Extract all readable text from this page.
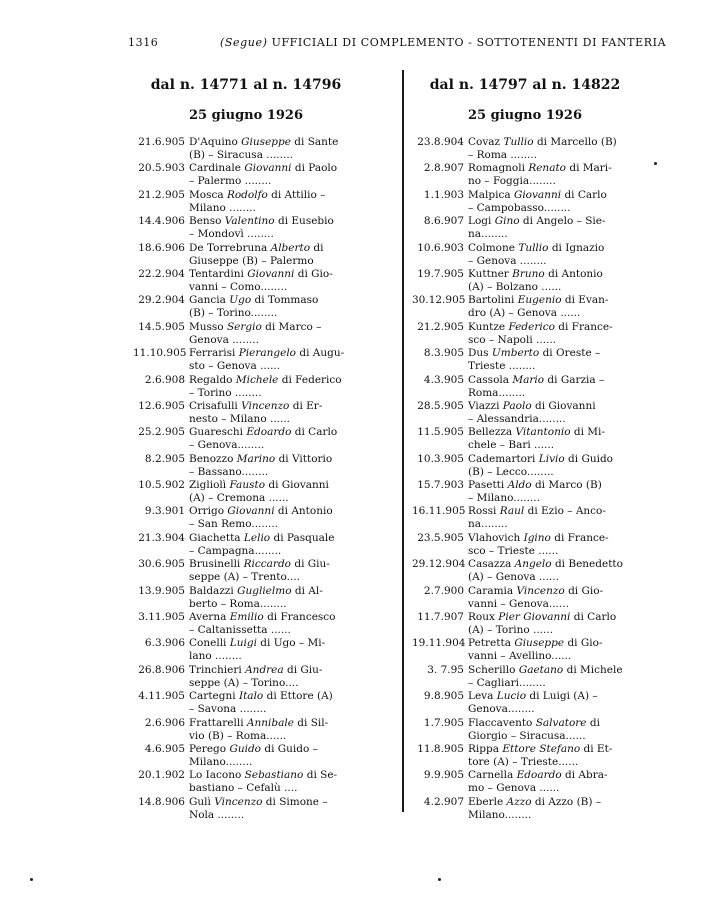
1316	(Segue) UFFICIALI DI COMPLEMENTO - SOTTOTENENTI DI FANTERIA
dal n. 14771 al n. 14796
25 giugno 1926
21.6.905 D'Aquino Giuseppe di Sante
(B) – Siracusa ........
20.5.903 Cardinale Giovanni di Paolo
– Palermo ........
21.2.905 Mosca Rodolfo di Attilio –
Milano ........
14.4.906 Benso Valentino di Eusebio
– Mondovì ........
18.6.906 De Torrebruna Alberto di
Giuseppe (B) – Palermo
22.2.904 Tentardini Giovanni di Gio-
vanni – Como........
29.2.904 Gancia Ugo di Tommaso
(B) – Torino........
14.5.905 Musso Sergio di Marco –
Genova ........
11.10.905 Ferrarisi Pierangelo di Augu-
sto – Genova ......
2.6.908 Regaldo Michele di Federico
– Torino ........
12.6.905 Crisafulli Vincenzo di Er-
nesto – Milano ......
25.2.905 Guareschi Edoardo di Carlo
– Genova........
8.2.905 Benozzo Marino di Vittorio
– Bassano........
10.5.902 Zigliolì Fausto di Giovanni
(A) – Cremona ......
9.3.901 Orrigo Giovanni di Antonio
– San Remo........
21.3.904 Giachetta Lelio di Pasquale
– Campagna........
30.6.905 Brusinelli Riccardo di Giu-
seppe (A) – Trento....
13.9.905 Baldazzi Guglielmo di Al-
berto – Roma........
3.11.905 Averna Emilio di Francesco
– Caltanissetta ......
6.3.906 Conelli Luigi di Ugo – Mi-
lano ........
26.8.906 Trinchieri Andrea di Giu-
seppe (A) – Torino....
4.11.905 Cartegni Italo di Ettore (A)
– Savona ........
2.6.906 Frattarelli Annibale di Sil-
vio (B) – Roma......
4.6.905 Perego Guido di Guido –
Milano........
20.1.902 Lo Iacono Sebastiano di Se-
bastiano – Cefalù ....
14.8.906 Gulì Vincenzo di Simone –
Nola ........
dal n. 14797 al n. 14822
25 giugno 1926
23.8.904 Covaz Tullio di Marcello (B)
– Roma ........
2.8.907 Romagnoli Renato di Mari-
no – Foggia........
1.1.903 Malpica Giovanni di Carlo
– Campobasso........
8.6.907 Logi Gino di Angelo – Sie-
na........
10.6.903 Colmone Tullio di Ignazio
– Genova ........
19.7.905 Kuttner Bruno di Antonio
(A) – Bolzano ......
30.12.905 Bartolini Eugenio di Evan-
dro (A) – Genova ......
21.2.905 Kuntze Federico di France-
sco – Napoli ......
8.3.905 Dus Umberto di Oreste –
Trieste ........
4.3.905 Cassola Mario di Garzia –
Roma........
28.5.905 Viazzi Paolo di Giovanni
– Alessandria........
11.5.905 Bellezza Vitantonio di Mi-
chele – Bari ......
10.3.905 Cademartori Livio di Guido
(B) – Lecco........
15.7.903 Pasetti Aldo di Marco (B)
– Milano........
16.11.905 Rossi Raul di Ezio – Anco-
na........
23.5.905 Vlahovich Igino di France-
sco – Trieste ......
29.12.904 Casazza Angelo di Benedetto
(A) – Genova ......
2.7.900 Caramia Vincenzo di Gio-
vanni – Genova......
11.7.907 Roux Pier Giovanni di Carlo
(A) – Torino ......
19.11.904 Petretta Giuseppe di Gio-
vanni – Avellino......
3. 7.95 Scherillo Gaetano di Michele
– Cagliari........
9.8.905 Leva Lucio di Luigi (A) –
Genova........
1.7.905 Flaccavento Salvatore di
Giorgio – Siracusa......
11.8.905 Rippa Ettore Stefano di Et-
tore (A) – Trieste......
9.9.905 Carnella Edoardo di Abra-
mo – Genova ......
4.2.907 Eberle Azzo di Azzo (B) –
Milano........
